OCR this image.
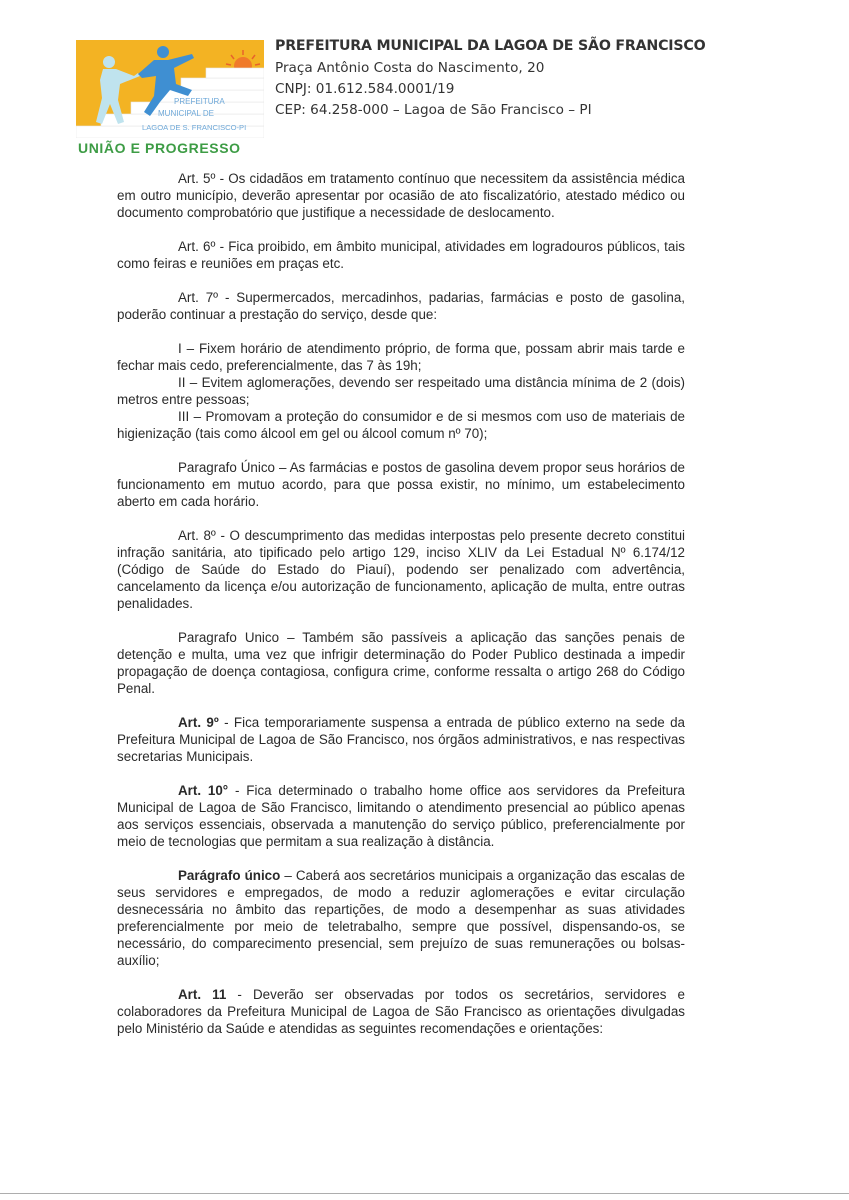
PREFEITURA
MUNICIPAL DE
LAGOA DE S. FRANCISCO-PI
UNIÃO E PROGRESSO
PREFEITURA MUNICIPAL DA LAGOA DE SÃO FRANCISCO
Praça Antônio Costa do Nascimento, 20
CNPJ: 01.612.584.0001/19
CEP: 64.258-000 – Lagoa de São Francisco – PI

Art. 5º - Os cidadãos em tratamento contínuo que necessitem da assistência médica em outro município, deverão apresentar por ocasião de ato fiscalizatório, atestado médico ou documento comprobatório que justifique a necessidade de deslocamento.

Art. 6º - Fica proibido, em âmbito municipal, atividades em logradouros públicos, tais como feiras e reuniões em praças etc.

Art. 7º - Supermercados, mercadinhos, padarias, farmácias e posto de gasolina, poderão continuar a prestação do serviço, desde que:

I – Fixem horário de atendimento próprio, de forma que, possam abrir mais tarde e fechar mais cedo, preferencialmente, das 7 às 19h;

II – Evitem aglomerações, devendo ser respeitado uma distância mínima de 2 (dois) metros entre pessoas;

III – Promovam a proteção do consumidor e de si mesmos com uso de materiais de higienização (tais como álcool em gel ou álcool comum nº 70);

Paragrafo Único – As farmácias e postos de gasolina devem propor seus horários de funcionamento em mutuo acordo, para que possa existir, no mínimo, um estabelecimento aberto em cada horário.

Art. 8º - O descumprimento das medidas interpostas pelo presente decreto constitui infração sanitária, ato tipificado pelo artigo 129, inciso XLIV da Lei Estadual Nº 6.174/12 (Código de Saúde do Estado do Piauí), podendo ser penalizado com advertência, cancelamento da licença e/ou autorização de funcionamento, aplicação de multa, entre outras penalidades.

Paragrafo Unico – Também são passíveis a aplicação das sanções penais de detenção e multa, uma vez que infrigir determinação do Poder Publico destinada a impedir propagação de doença contagiosa, configura crime, conforme ressalta o artigo 268 do Código Penal.

Art. 9º - Fica temporariamente suspensa a entrada de público externo na sede da Prefeitura Municipal de Lagoa de São Francisco, nos órgãos administrativos, e nas respectivas secretarias Municipais.

Art. 10° - Fica determinado o trabalho home office aos servidores da Prefeitura Municipal de Lagoa de São Francisco, limitando o atendimento presencial ao público apenas aos serviços essenciais, observada a manutenção do serviço público, preferencialmente por meio de tecnologias que permitam a sua realização à distância.

Parágrafo único – Caberá aos secretários municipais a organização das escalas de seus servidores e empregados, de modo a reduzir aglomerações e evitar circulação desnecessária no âmbito das repartições, de modo a desempenhar as suas atividades preferencialmente por meio de teletrabalho, sempre que possível, dispensando-os, se necessário, do comparecimento presencial, sem prejuízo de suas remunerações ou bolsas-auxílio;

Art. 11 - Deverão ser observadas por todos os secretários, servidores e colaboradores da Prefeitura Municipal de Lagoa de São Francisco as orientações divulgadas pelo Ministério da Saúde e atendidas as seguintes recomendações e orientações:
